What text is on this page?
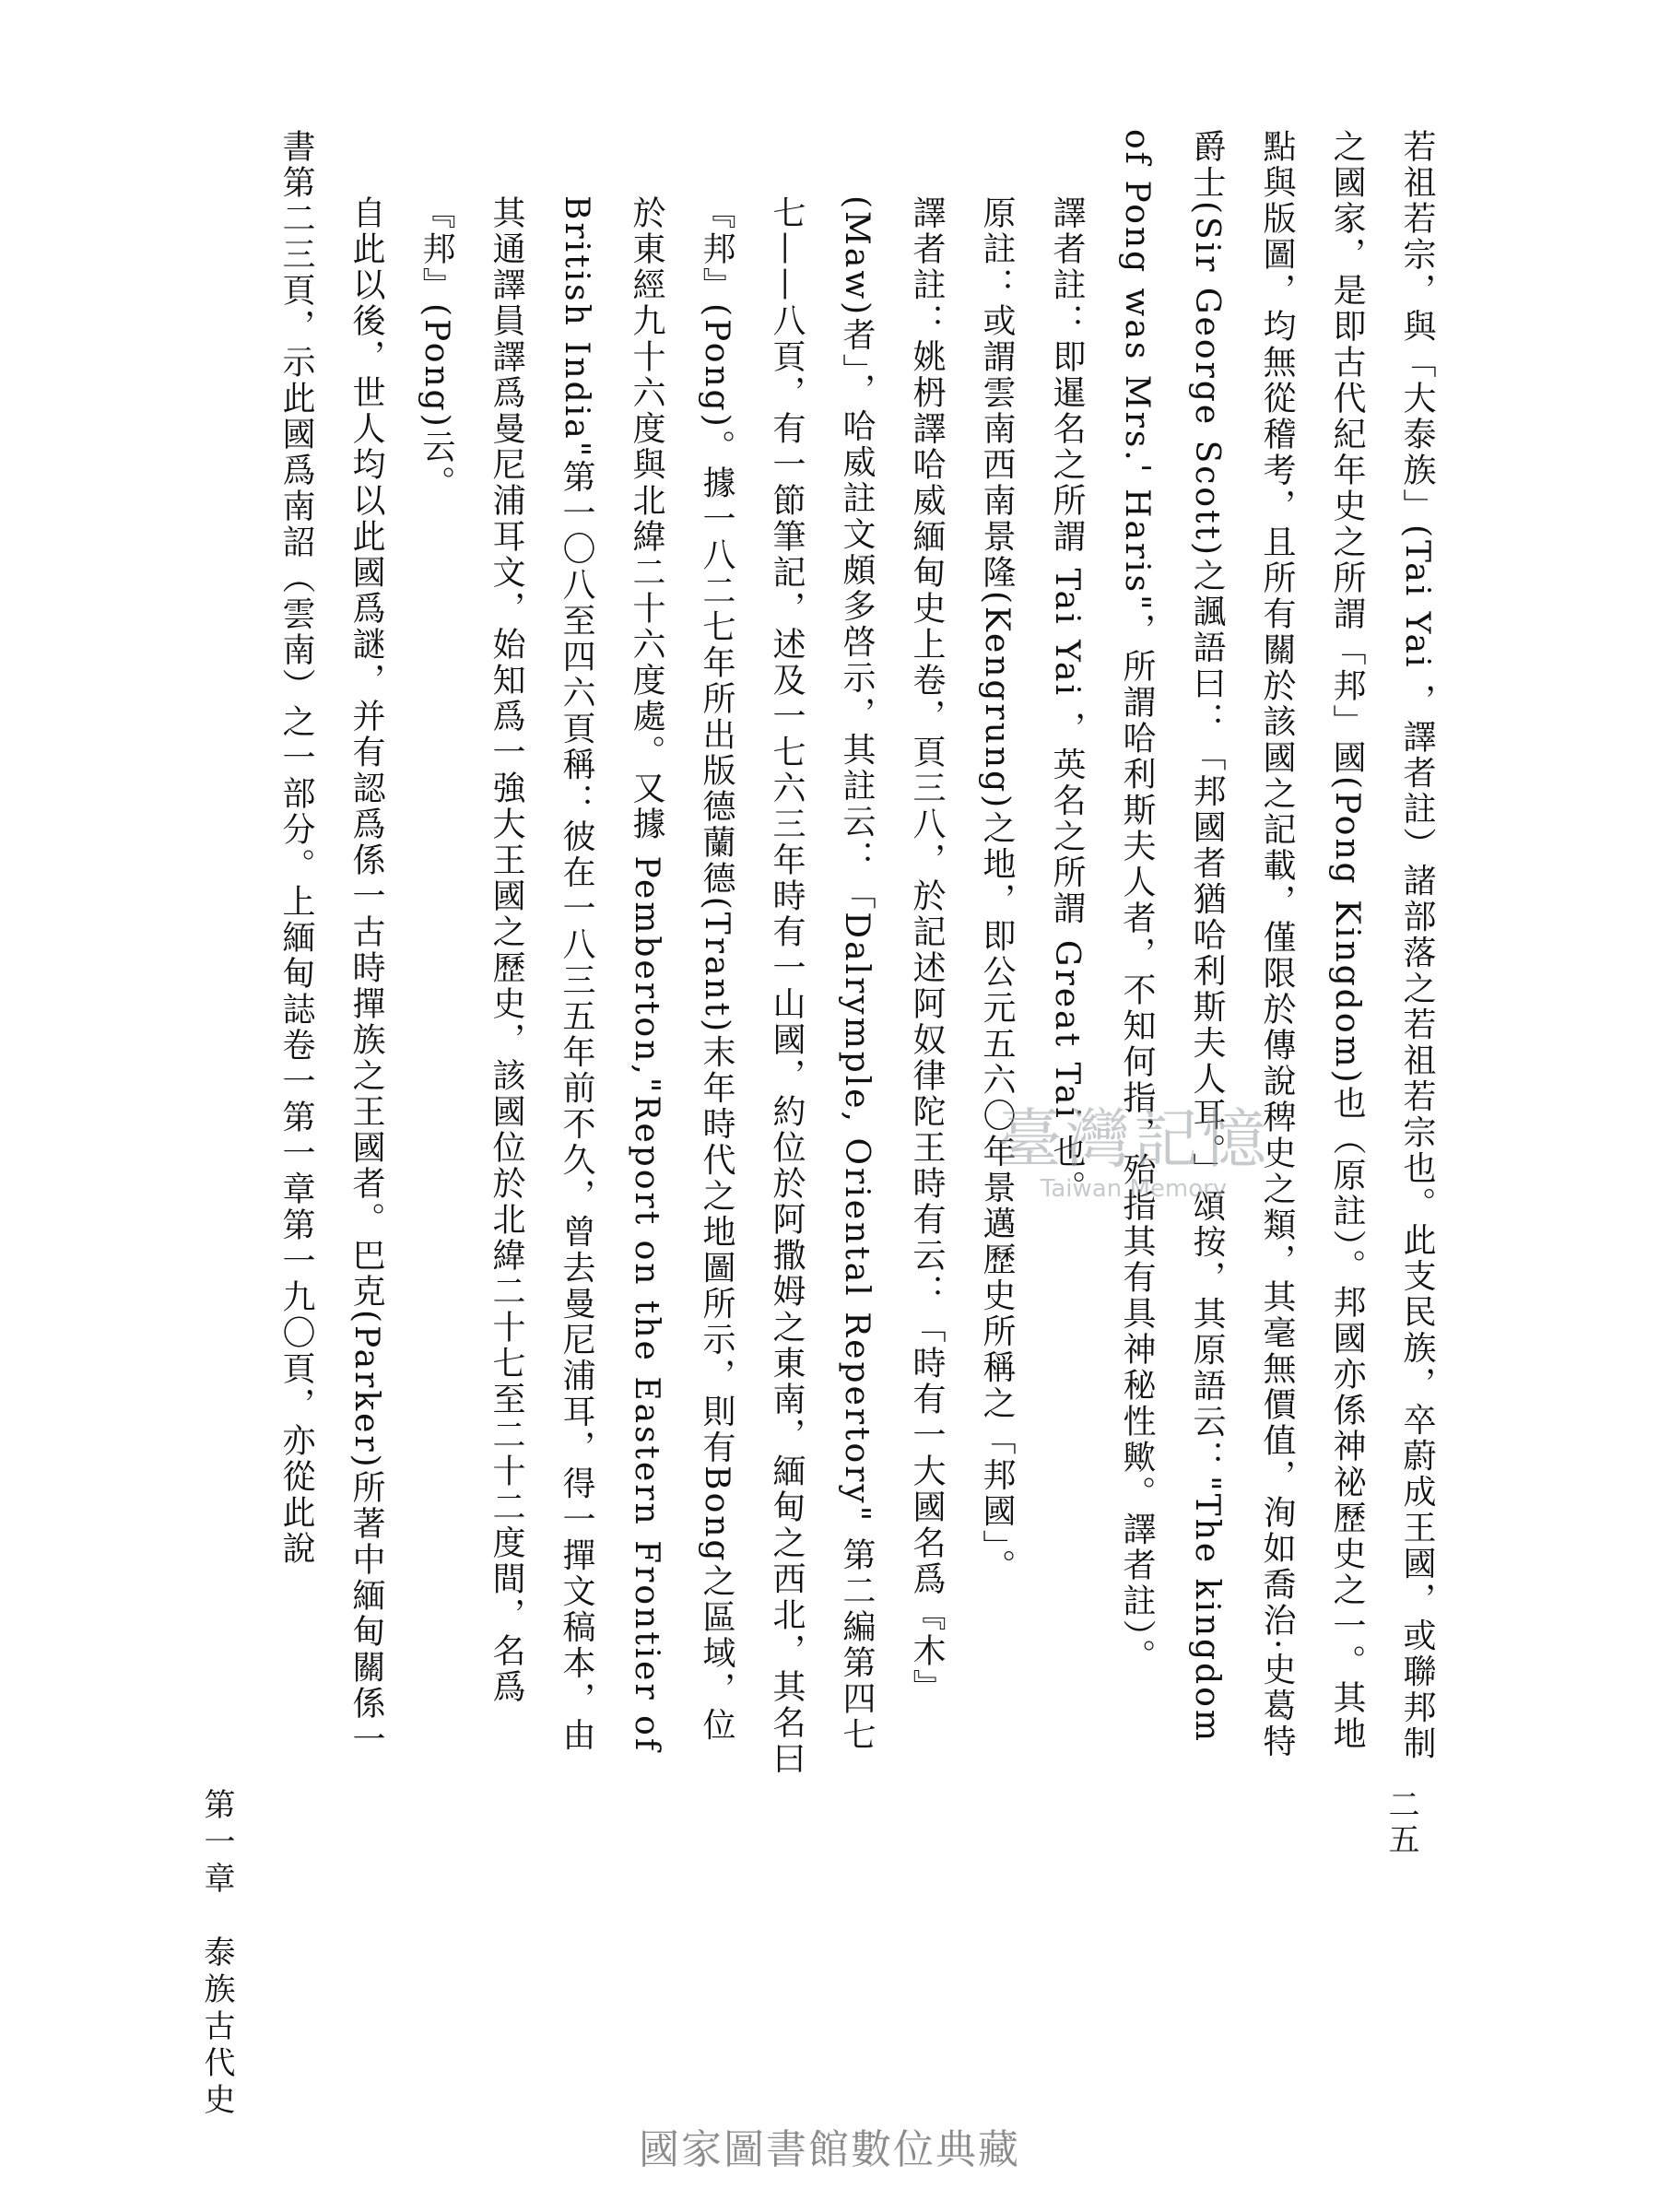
若祖若宗，與「大泰族」(Tai Yai ，譯者註）諸部落之若祖若宗也。此支民族，卒蔚成王國，或聯邦制之國家，是即古代紀年史之所謂「邦」國(Pong Kingdom)也（原註）。邦國亦係神祕歷史之一。其地點與版圖，均無從稽考，且所有關於該國之記載，僅限於傳說稗史之類，其毫無價值，洵如喬治·史葛特爵士(Sir George Scott)之諷語曰：「邦國者猶哈利斯夫人耳。」頌按，其原語云："The kingdom of Pong was Mrs.' Haris"，所謂哈利斯夫人者，不知何指，殆指其有具神秘性歟。譯者註）。

譯者註：即暹名之所謂 Tai Yai ，英名之所謂 Great Tai 也。

原註：或謂雲南西南景隆(Kengrung)之地，即公元五六〇年景邁歷史所稱之「邦國」。

譯者註：姚枬譯哈威緬甸史上卷，頁三八，於記述阿奴律陀王時有云：「時有一大國名爲『木』(Maw)者」，哈威註文頗多啓示，其註云：「Dalrymple, Oriental Repertory" 第二編第四七七——八頁，有一節筆記，述及一七六三年時有一山國，約位於阿撒姆之東南，緬甸之西北，其名曰『邦』(Pong)。據一八二七年所出版德蘭德(Trant)末年時代之地圖所示，則有Bong之區域，位於東經九十六度與北緯二十六度處。又據 Pemberton,"Report on the Eastern Frontier of British India"第一〇八至四六頁稱：彼在一八三五年前不久，曾去曼尼浦耳，得一撣文稿本，由其通譯員譯爲曼尼浦耳文，始知爲一強大王國之歷史，該國位於北緯二十七至二十二度間，名爲『邦』(Pong)云。

自此以後，世人均以此國爲謎，并有認爲係一古時撣族之王國者。巴克(Parker)所著中緬甸關係一書第二三頁，示此國爲南詔（雲南）之一部分。上緬甸誌卷一第一章第一九〇頁，亦從此說

第一章　泰族古代史	二五
臺灣記憶
Taiwan Memory
國家圖書館數位典藏
